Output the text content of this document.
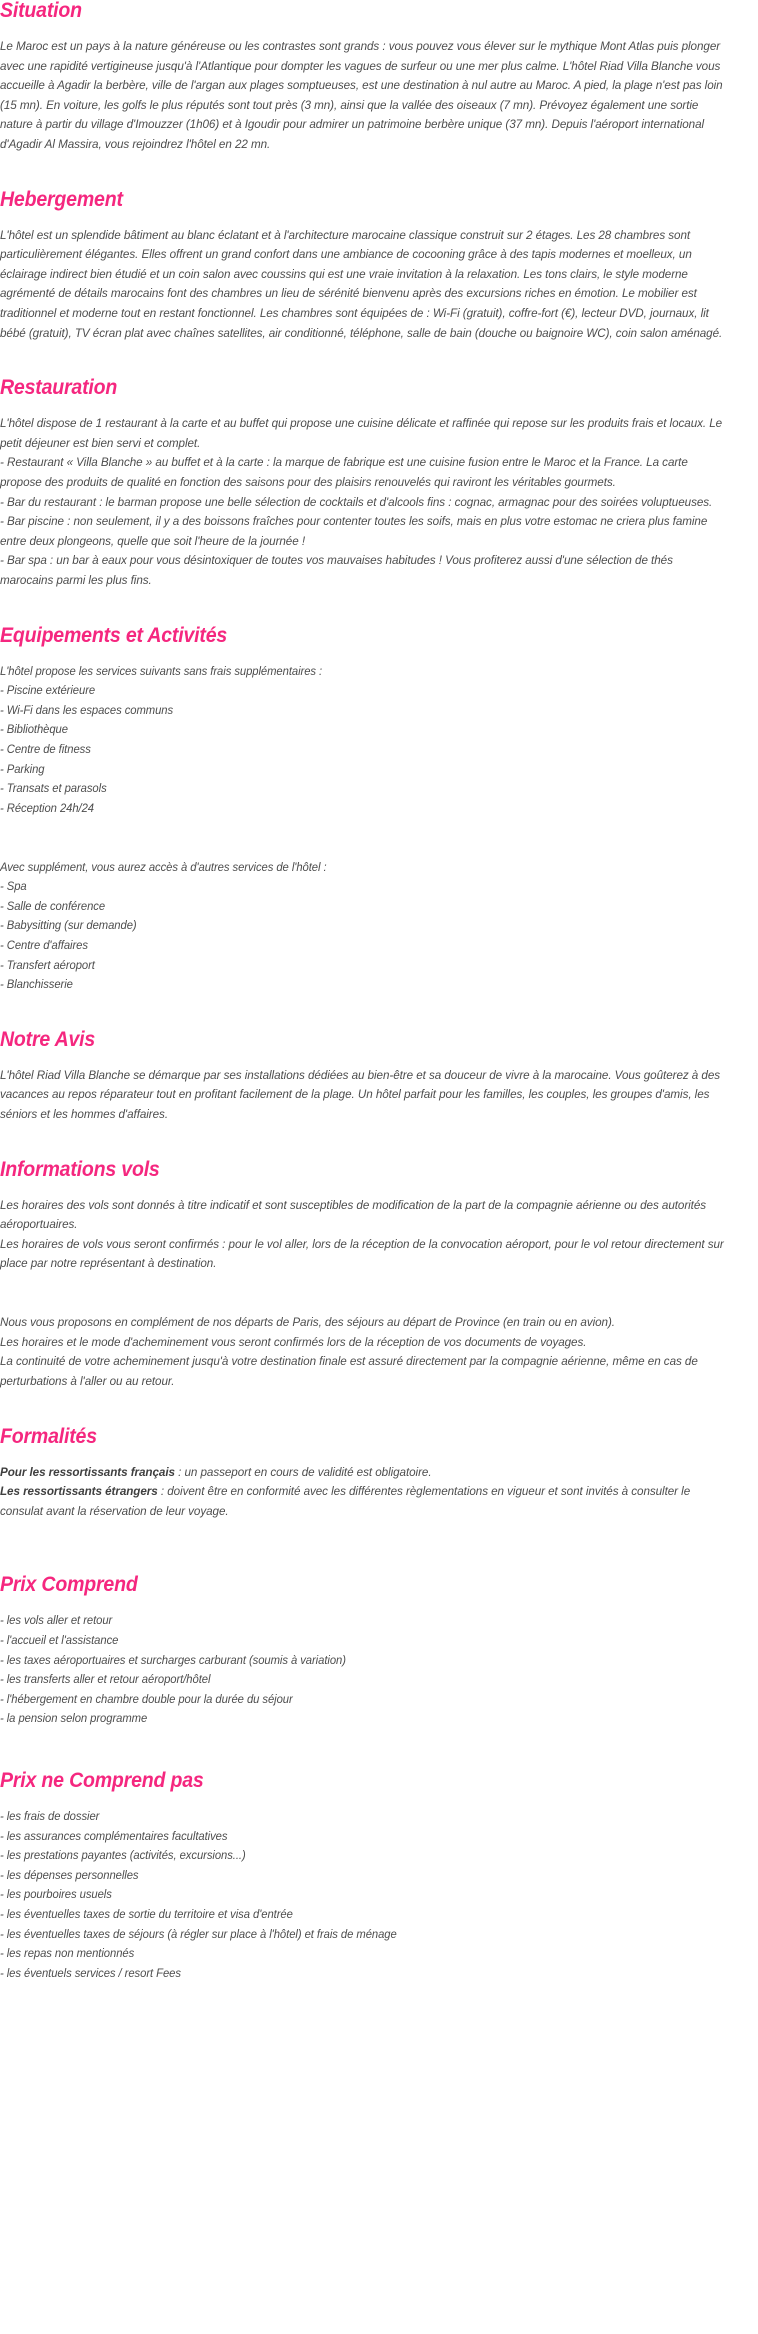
Situation

Le Maroc est un pays à la nature généreuse ou les contrastes sont grands : vous pouvez vous élever sur le mythique Mont Atlas puis plonger avec une rapidité vertigineuse jusqu'à l'Atlantique pour dompter les vagues de surfeur ou une mer plus calme. L'hôtel Riad Villa Blanche vous accueille à Agadir la berbère, ville de l'argan aux plages somptueuses, est une destination à nul autre au Maroc. A pied, la plage n'est pas loin (15 mn). En voiture, les golfs le plus réputés sont tout près (3 mn), ainsi que la vallée des oiseaux (7 mn). Prévoyez également une sortie nature à partir du village d'Imouzzer (1h06) et à Igoudir pour admirer un patrimoine berbère unique (37 mn). Depuis l'aéroport international d'Agadir Al Massira, vous rejoindrez l'hôtel en 22 mn.

Hebergement

L'hôtel est un splendide bâtiment au blanc éclatant et à l'architecture marocaine classique construit sur 2 étages. Les 28 chambres sont particulièrement élégantes. Elles offrent un grand confort dans une ambiance de cocooning grâce à des tapis modernes et moelleux, un éclairage indirect bien étudié et un coin salon avec coussins qui est une vraie invitation à la relaxation. Les tons clairs, le style moderne agrémenté de détails marocains font des chambres un lieu de sérénité bienvenu après des excursions riches en émotion. Le mobilier est traditionnel et moderne tout en restant fonctionnel. Les chambres sont équipées de : Wi-Fi (gratuit), coffre-fort (€), lecteur DVD, journaux, lit bébé (gratuit), TV écran plat avec chaînes satellites, air conditionné, téléphone, salle de bain (douche ou baignoire WC), coin salon aménagé.

Restauration

L'hôtel dispose de 1 restaurant à la carte et au buffet qui propose une cuisine délicate et raffinée qui repose sur les produits frais et locaux. Le petit déjeuner est bien servi et complet.

- Restaurant « Villa Blanche » au buffet et à la carte : la marque de fabrique est une cuisine fusion entre le Maroc et la France. La carte propose des produits de qualité en fonction des saisons pour des plaisirs renouvelés qui raviront les véritables gourmets.

- Bar du restaurant : le barman propose une belle sélection de cocktails et d'alcools fins : cognac, armagnac pour des soirées voluptueuses.

- Bar piscine : non seulement, il y a des boissons fraîches pour contenter toutes les soifs, mais en plus votre estomac ne criera plus famine entre deux plongeons, quelle que soit l'heure de la journée !

- Bar spa : un bar à eaux pour vous désintoxiquer de toutes vos mauvaises habitudes ! Vous profiterez aussi d'une sélection de thés marocains parmi les plus fins.

Equipements et Activités
L'hôtel propose les services suivants sans frais supplémentaires :
- Piscine extérieure
- Wi-Fi dans les espaces communs
- Bibliothèque
- Centre de fitness
- Parking
- Transats et parasols
- Réception 24h/24
Avec supplément, vous aurez accès à d'autres services de l'hôtel :
- Spa
- Salle de conférence
- Babysitting (sur demande)
- Centre d'affaires
- Transfert aéroport
- Blanchisserie
Notre Avis

L'hôtel Riad Villa Blanche se démarque par ses installations dédiées au bien-être et sa douceur de vivre à la marocaine. Vous goûterez à des vacances au repos réparateur tout en profitant facilement de la plage. Un hôtel parfait pour les familles, les couples, les groupes d'amis, les séniors et les hommes d'affaires.

Informations vols

Les horaires des vols sont donnés à titre indicatif et sont susceptibles de modification de la part de la compagnie aérienne ou des autorités aéroportuaires.

Les horaires de vols vous seront confirmés : pour le vol aller, lors de la réception de la convocation aéroport, pour le vol retour directement sur place par notre représentant à destination.

Nous vous proposons en complément de nos départs de Paris, des séjours au départ de Province (en train ou en avion).

Les horaires et le mode d'acheminement vous seront confirmés lors de la réception de vos documents de voyages.

La continuité de votre acheminement jusqu'à votre destination finale est assuré directement par la compagnie aérienne, même en cas de perturbations à l'aller ou au retour.

Formalités

Pour les ressortissants français : un passeport en cours de validité est obligatoire.

Les ressortissants étrangers : doivent être en conformité avec les différentes règlementations en vigueur et sont invités à consulter le consulat avant la réservation de leur voyage.

Prix Comprend
- les vols aller et retour
- l'accueil et l'assistance
- les taxes aéroportuaires et surcharges carburant (soumis à variation)
- les transferts aller et retour aéroport/hôtel
- l'hébergement en chambre double pour la durée du séjour
- la pension selon programme
Prix ne Comprend pas
- les frais de dossier
- les assurances complémentaires facultatives
- les prestations payantes (activités, excursions...)
- les dépenses personnelles
- les pourboires usuels
- les éventuelles taxes de sortie du territoire et visa d'entrée
- les éventuelles taxes de séjours (à régler sur place à l'hôtel) et frais de ménage
- les repas non mentionnés
- les éventuels services / resort Fees
